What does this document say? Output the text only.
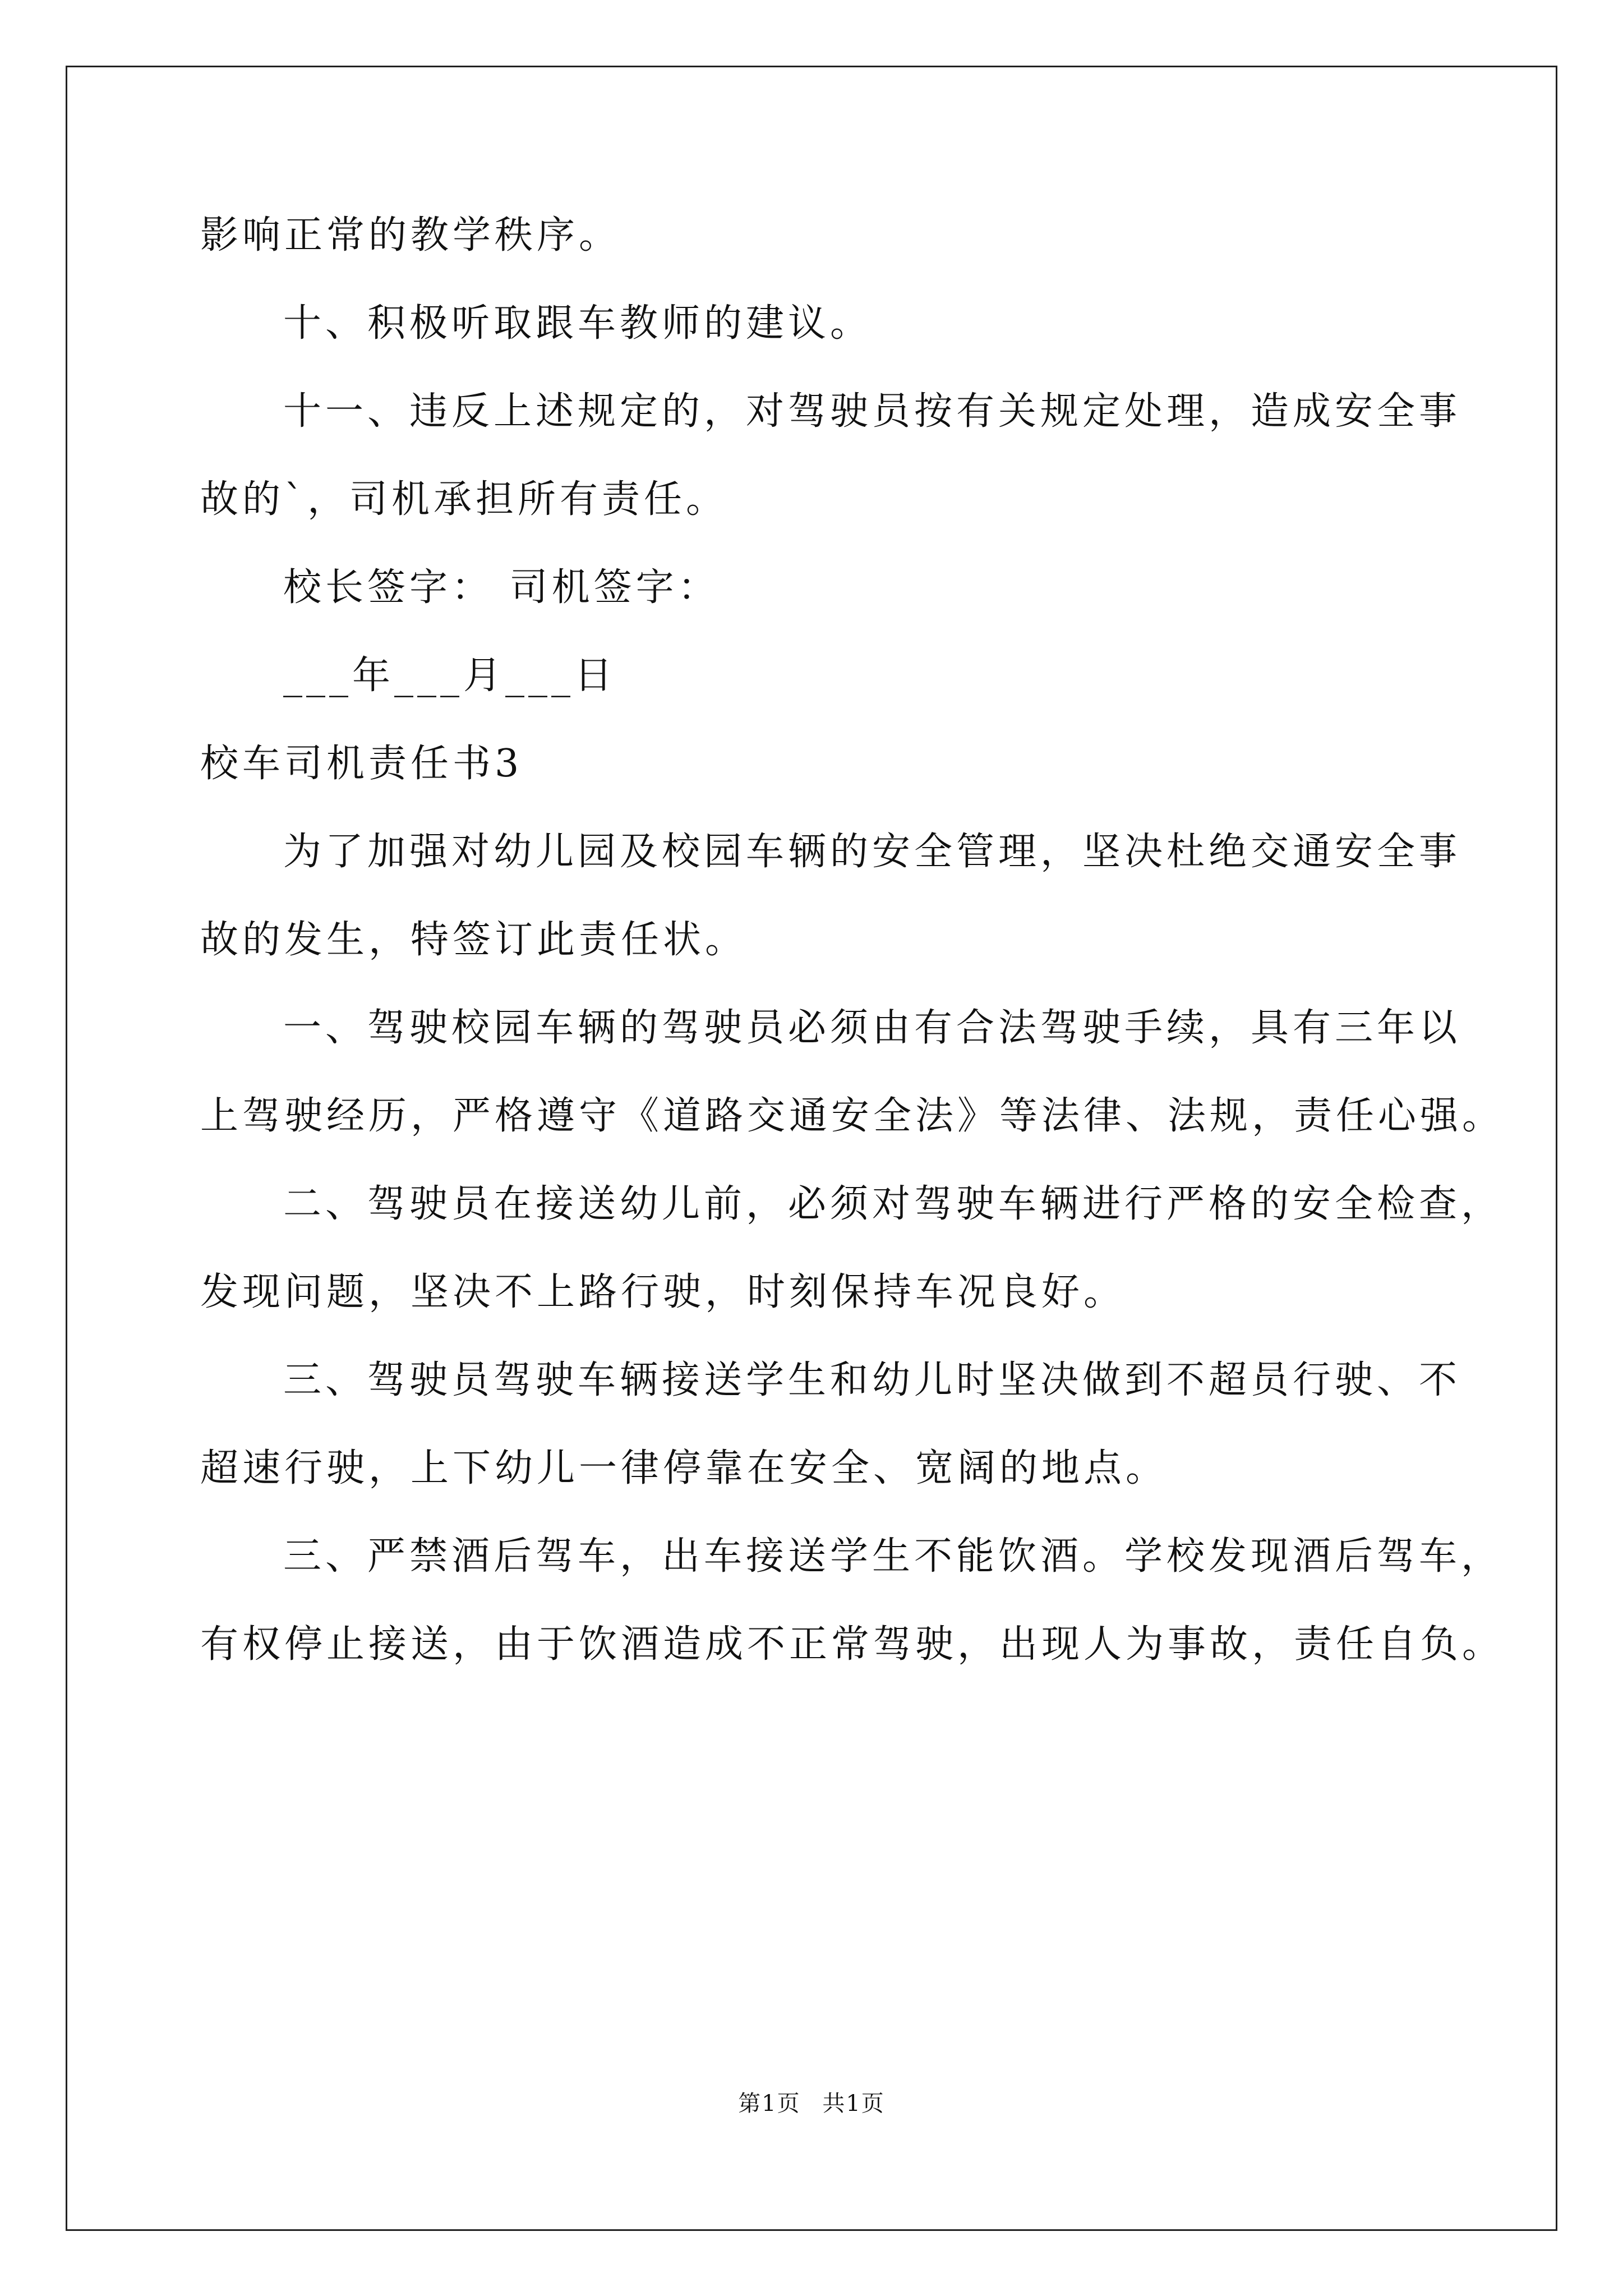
影响正常的教学秩序。
十、积极听取跟车教师的建议。
十一、违反上述规定的，对驾驶员按有关规定处理，造成安全事
故的`，司机承担所有责任。
校长签字： 司机签字：
___年___月___日
校车司机责任书3
为了加强对幼儿园及校园车辆的安全管理，坚决杜绝交通安全事
故的发生，特签订此责任状。
一、驾驶校园车辆的驾驶员必须由有合法驾驶手续，具有三年以
上驾驶经历，严格遵守《道路交通安全法》等法律、法规，责任心强。
二、驾驶员在接送幼儿前，必须对驾驶车辆进行严格的安全检查，
发现问题，坚决不上路行驶，时刻保持车况良好。
三、驾驶员驾驶车辆接送学生和幼儿时坚决做到不超员行驶、不
超速行驶，上下幼儿一律停靠在安全、宽阔的地点。
三、严禁酒后驾车，出车接送学生不能饮酒。学校发现酒后驾车，
有权停止接送，由于饮酒造成不正常驾驶，出现人为事故，责任自负。
第1页 共1页
